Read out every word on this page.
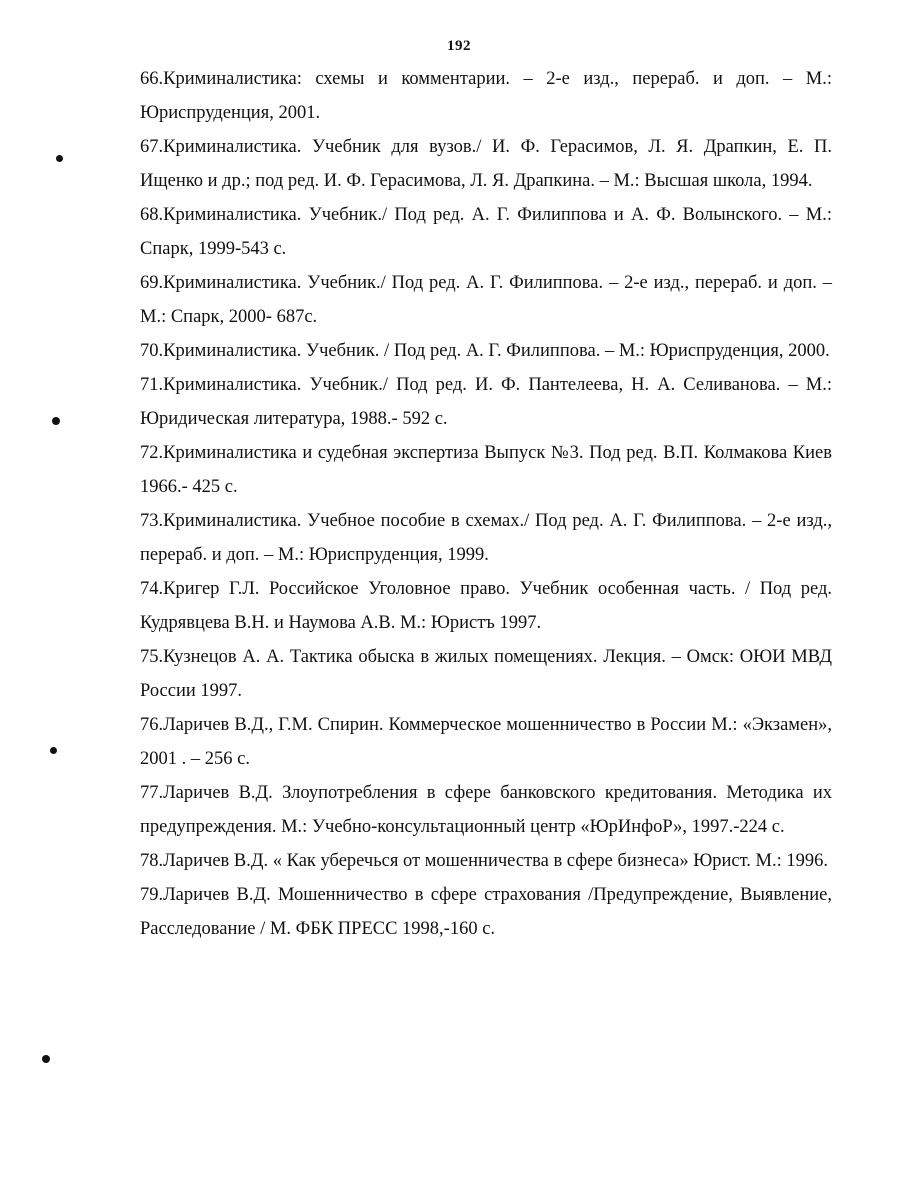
192

66.Криминалистика: схемы и комментарии. – 2-е изд., перераб. и доп. – М.: Юриспруденция, 2001.

67.Криминалистика. Учебник для вузов./ И. Ф. Герасимов, Л. Я. Драпкин, Е. П. Ищенко и др.; под ред. И. Ф. Герасимова, Л. Я. Драпкина. – М.: Высшая школа, 1994.

68.Криминалистика. Учебник./ Под ред. А. Г. Филиппова и А. Ф. Волынского. – М.: Спарк, 1999-543 с.

69.Криминалистика. Учебник./ Под ред. А. Г. Филиппова. – 2-е изд., перераб. и доп. – М.: Спарк, 2000- 687с.

70.Криминалистика. Учебник. / Под ред. А. Г. Филиппова. – М.: Юриспруденция, 2000.

71.Криминалистика. Учебник./ Под ред. И. Ф. Пантелеева, Н. А. Селиванова. – М.: Юридическая литература, 1988.- 592 с.

72.Криминалистика и судебная экспертиза Выпуск №3. Под ред. В.П. Колмакова Киев 1966.- 425 с.

73.Криминалистика. Учебное пособие в схемах./ Под ред. А. Г. Филиппова. – 2-е изд., перераб. и доп. – М.: Юриспруденция, 1999.

74.Кригер Г.Л. Российское Уголовное право. Учебник особенная часть. / Под ред. Кудрявцева В.Н. и Наумова А.В. М.: Юристъ 1997.

75.Кузнецов А. А. Тактика обыска в жилых помещениях. Лекция. – Омск: ОЮИ МВД России 1997.

76.Ларичев В.Д., Г.М. Спирин. Коммерческое мошенничество в России М.: «Экзамен», 2001 . – 256 с.

77.Ларичев В.Д. Злоупотребления в сфере банковского кредитования. Методика их предупреждения. М.: Учебно-консультационный центр «ЮрИнфоР», 1997.-224 с.

78.Ларичев В.Д. « Как уберечься от мошенничества в сфере бизнеса» Юрист. М.: 1996.

79.Ларичев В.Д. Мошенничество в сфере страхования /Предупреждение, Выявление, Расследование / М. ФБК ПРЕСС 1998,-160 с.
